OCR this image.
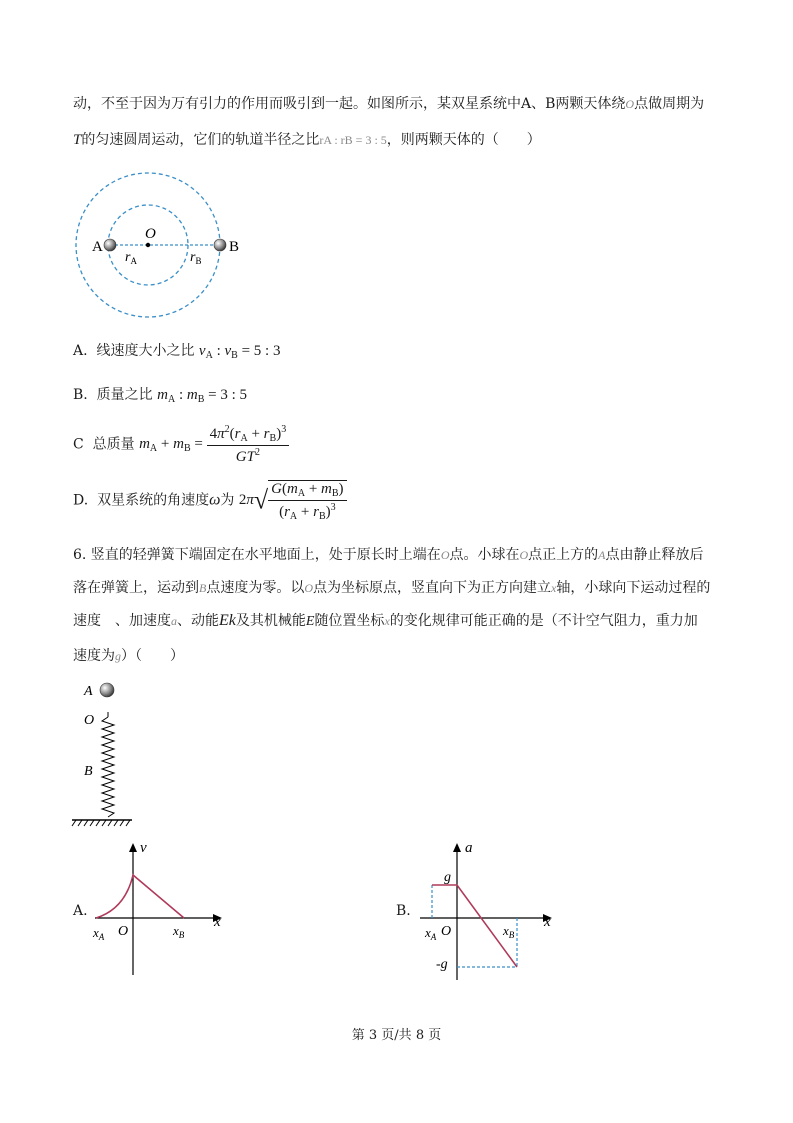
动，不至于因为万有引力的作用而吸引到一起。如图所示，某双星系统中A、B两颗天体绕O点做周期为
T的匀速圆周运动，它们的轨道半径之比rA : rB = 3 : 5，则两颗天体的（　　）
A	B
O
$r_A$	$r_B$
A. 线速度大小之比 $v_A$ : $v_B = 5$ : 3
B. 质量之比 $m_A$ : $m_B = 3$ : 5
C 总质量 $m_A + m_B = \frac{4\pi^2(r_A + r_B)^3}{GT^2}$
D. 双星系统的角速度ω为 $2\pi√ \frac{G(m_A + m_B)}{(r_A + r_B)^3}$
6. 竖直的轻弹簧下端固定在水平地面上，处于原长时上端在O点。小球在O点正上方的A点由静止释放后
落在弹簧上，运动到B点速度为零。以O点为坐标原点，竖直向下为正方向建立x轴，小球向下运动过程的
速度　、加速度a、动能Ek及其机械能E随位置坐标x的变化规律可能正确的是（不计空气阻力，重力加
速度为g）（　　）
A
O
B
A.
v
x
$x_A$ O	$x_B$
B.
a
x
g
-g
$x_A$ O	$x_B$
第 3 页/共 8 页
